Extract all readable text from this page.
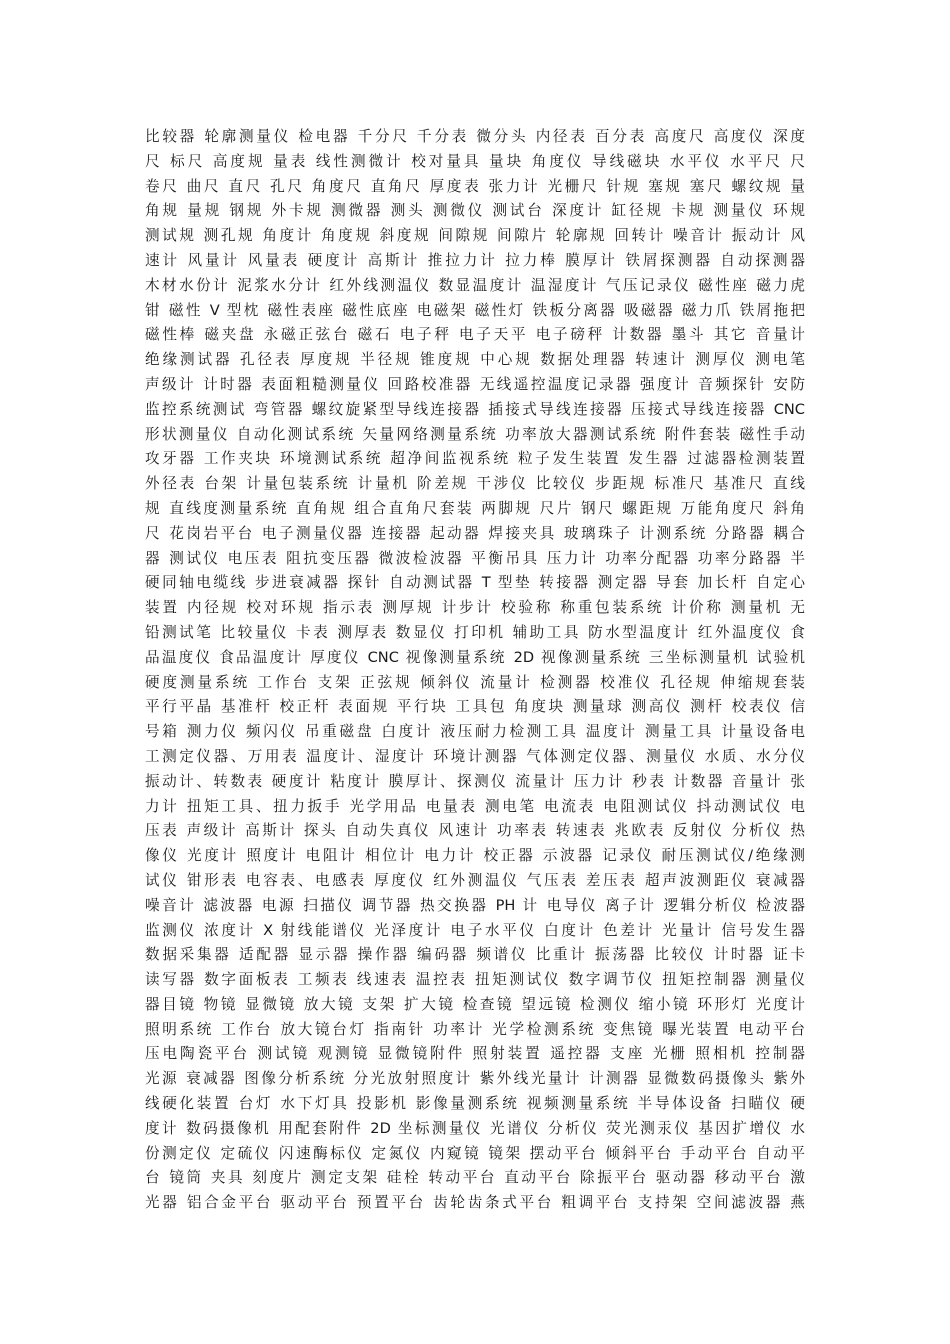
比较器 轮廓测量仪 检电器 千分尺 千分表 微分头 内径表 百分表 高度尺 高度仪 深度
尺 标尺 高度规 量表 线性测微计 校对量具 量块 角度仪 导线磁块 水平仪 水平尺 尺
卷尺 曲尺 直尺 孔尺 角度尺 直角尺 厚度表 张力计 光栅尺 针规 塞规 塞尺 螺纹规 量
角规 量规 钢规 外卡规 测微器 测头 测微仪 测试台 深度计 缸径规 卡规 测量仪 环规
测试规 测孔规 角度计 角度规 斜度规 间隙规 间隙片 轮廓规 回转计 噪音计 振动计 风
速计 风量计 风量表 硬度计 高斯计 推拉力计 拉力棒 膜厚计 铁屑探测器 自动探测器
木材水份计 泥浆水分计 红外线测温仪 数显温度计 温湿度计 气压记录仪 磁性座 磁力虎
钳 磁性 V 型枕 磁性表座 磁性底座 电磁架 磁性灯 铁板分离器 吸磁器 磁力爪 铁屑拖把
磁性棒 磁夹盘 永磁正弦台 磁石 电子秤 电子天平 电子磅秤 计数器 墨斗 其它 音量计
绝缘测试器 孔径表 厚度规 半径规 锥度规 中心规 数据处理器 转速计 测厚仪 测电笔
声级计 计时器 表面粗糙测量仪 回路校准器 无线遥控温度记录器 强度计 音频探针 安防
监控系统测试 弯管器 螺纹旋紧型导线连接器 插接式导线连接器 压接式导线连接器 CNC
形状测量仪 自动化测试系统 矢量网络测量系统 功率放大器测试系统 附件套装 磁性手动
攻牙器 工作夹块 环境测试系统 超净间监视系统 粒子发生装置 发生器 过滤器检测装置
外径表 台架 计量包装系统 计量机 阶差规 干涉仪 比较仪 步距规 标准尺 基准尺 直线
规 直线度测量系统 直角规 组合直角尺套装 两脚规 尺片 钢尺 螺距规 万能角度尺 斜角
尺 花岗岩平台 电子测量仪器 连接器 起动器 焊接夹具 玻璃珠子 计测系统 分路器 耦合
器 测试仪 电压表 阻抗变压器 微波检波器 平衡吊具 压力计 功率分配器 功率分路器 半
硬同轴电缆线 步进衰减器 探针 自动测试器 T 型垫 转接器 测定器 导套 加长杆 自定心
装置 内径规 校对环规 指示表 测厚规 计步计 校验称 称重包装系统 计价称 测量机 无
铅测试笔 比较量仪 卡表 测厚表 数显仪 打印机 辅助工具 防水型温度计 红外温度仪 食
品温度仪 食品温度计 厚度仪 CNC 视像测量系统 2D 视像测量系统 三坐标测量机 试验机
硬度测量系统 工作台 支架 正弦规 倾斜仪 流量计 检测器 校准仪 孔径规 伸缩规套装
平行平晶 基准杆 校正杆 表面规 平行块 工具包 角度块 测量球 测高仪 测杆 校表仪 信
号箱 测力仪 频闪仪 吊重磁盘 白度计 液压耐力检测工具 温度计 测量工具 计量设备电
工测定仪器、万用表 温度计、湿度计 环境计测器 气体测定仪器、测量仪 水质、水分仪
振动计、转数表 硬度计 粘度计 膜厚计、探测仪 流量计 压力计 秒表 计数器 音量计 张
力计 扭矩工具、扭力扳手 光学用品 电量表 测电笔 电流表 电阻测试仪 抖动测试仪 电
压表 声级计 高斯计 探头 自动失真仪 风速计 功率表 转速表 兆欧表 反射仪 分析仪 热
像仪 光度计 照度计 电阻计 相位计 电力计 校正器 示波器 记录仪 耐压测试仪/绝缘测
试仪 钳形表 电容表、电感表 厚度仪 红外测温仪 气压表 差压表 超声波测距仪 衰减器
噪音计 滤波器 电源 扫描仪 调节器 热交换器 PH 计 电导仪 离子计 逻辑分析仪 检波器
监测仪 浓度计 X 射线能谱仪 光泽度计 电子水平仪 白度计 色差计 光量计 信号发生器
数据采集器 适配器 显示器 操作器 编码器 频谱仪 比重计 振荡器 比较仪 计时器 证卡
读写器 数字面板表 工频表 线速表 温控表 扭矩测试仪 数字调节仪 扭矩控制器 测量仪
器目镜 物镜 显微镜 放大镜 支架 扩大镜 检查镜 望远镜 检测仪 缩小镜 环形灯 光度计
照明系统 工作台 放大镜台灯 指南针 功率计 光学检测系统 变焦镜 曝光装置 电动平台
压电陶瓷平台 测试镜 观测镜 显微镜附件 照射装置 遥控器 支座 光栅 照相机 控制器
光源 衰减器 图像分析系统 分光放射照度计 紫外线光量计 计测器 显微数码摄像头 紫外
线硬化装置 台灯 水下灯具 投影机 影像量测系统 视频测量系统 半导体设备 扫瞄仪 硬
度计 数码摄像机 用配套附件 2D 坐标测量仪 光谱仪 分析仪 荧光测汞仪 基因扩增仪 水
份测定仪 定硫仪 闪速酶标仪 定氮仪 内窥镜 镜架 摆动平台 倾斜平台 手动平台 自动平
台 镜筒 夹具 刻度片 测定支架 硅栓 转动平台 直动平台 除振平台 驱动器 移动平台 激
光器 铝合金平台 驱动平台 预置平台 齿轮齿条式平台 粗调平台 支持架 空间滤波器 燕
